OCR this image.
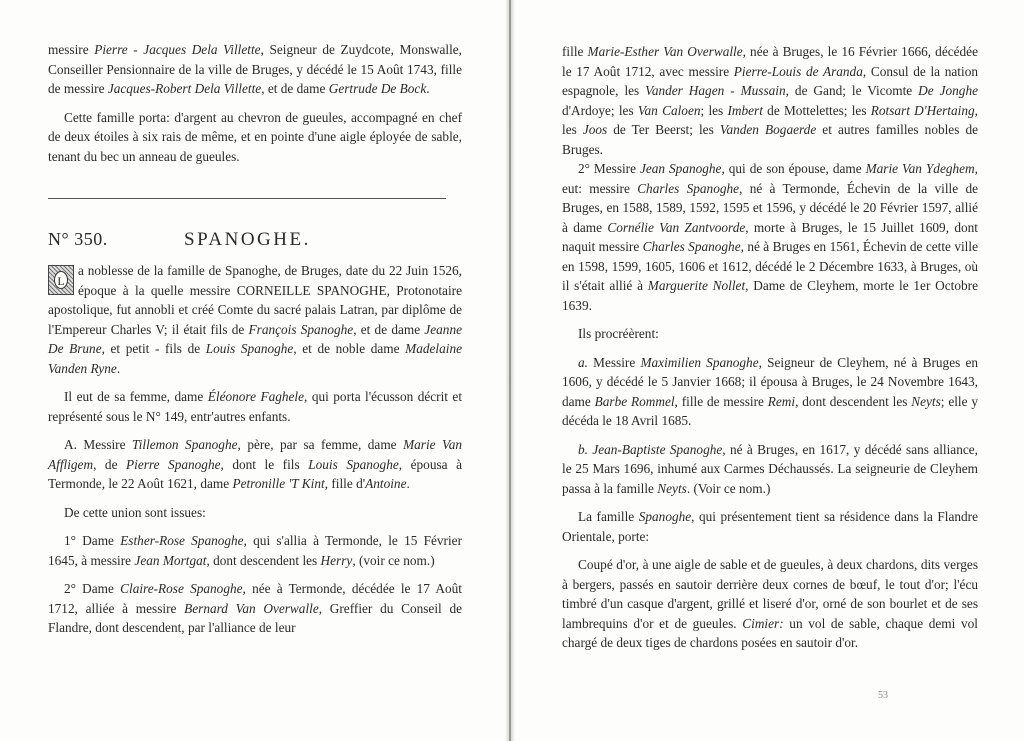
messire Pierre - Jacques Dela Villette, Seigneur de Zuydcote, Monswalle, Conseiller Pensionnaire de la ville de Bruges, y décédé le 15 Août 1743, fille de messire Jacques-Robert Dela Villette, et de dame Gertrude De Bock.

Cette famille porta: d'argent au chevron de gueules, accompagné en chef de deux étoiles à six rais de même, et en pointe d'une aigle éployée de sable, tenant du bec un anneau de gueules.

N° 350.	SPANOGHE.

L
a noblesse de la famille de Spanoghe, de Bruges, date du 22 Juin 1526, époque à la quelle messire CORNEILLE SPANOGHE, Protonotaire apostolique, fut annobli et créé Comte du sacré palais Latran, par diplôme de l'Empereur Charles V; il était fils de François Spanoghe, et de dame Jeanne De Brune, et petit - fils de Louis Spanoghe, et de noble dame Madelaine Vanden Ryne.

Il eut de sa femme, dame Éléonore Faghele, qui porta l'écusson décrit et représenté sous le N° 149, entr'autres enfants.

A. Messire Tillemon Spanoghe, père, par sa femme, dame Marie Van Affligem, de Pierre Spanoghe, dont le fils Louis Spanoghe, épousa à Termonde, le 22 Août 1621, dame Petronille 'T Kint, fille d'Antoine.

De cette union sont issues:

1° Dame Esther-Rose Spanoghe, qui s'allia à Termonde, le 15 Février 1645, à messire Jean Mortgat, dont descendent les Herry, (voir ce nom.)

2° Dame Claire-Rose Spanoghe, née à Termonde, décédée le 17 Août 1712, alliée à messire Bernard Van Overwalle, Greffier du Conseil de Flandre, dont descendent, par l'alliance de leur

fille Marie-Esther Van Overwalle, née à Bruges, le 16 Février 1666, décédée le 17 Août 1712, avec messire Pierre-Louis de Aranda, Consul de la nation espagnole, les Vander Hagen - Mussain, de Gand; le Vicomte De Jonghe d'Ardoye; les Van Caloen; les Imbert de Mottelettes; les Rotsart D'Hertaing, les Joos de Ter Beerst; les Vanden Bogaerde et autres familles nobles de Bruges.

2° Messire Jean Spanoghe, qui de son épouse, dame Marie Van Ydeghem, eut: messire Charles Spanoghe, né à Termonde, Échevin de la ville de Bruges, en 1588, 1589, 1592, 1595 et 1596, y décédé le 20 Février 1597, allié à dame Cornélie Van Zantvoorde, morte à Bruges, le 15 Juillet 1609, dont naquit messire Charles Spanoghe, né à Bruges en 1561, Échevin de cette ville en 1598, 1599, 1605, 1606 et 1612, décédé le 2 Décembre 1633, à Bruges, où il s'était allié à Marguerite Nollet, Dame de Cleyhem, morte le 1er Octobre 1639.

Ils procréèrent:

a. Messire Maximilien Spanoghe, Seigneur de Cleyhem, né à Bruges en 1606, y décédé le 5 Janvier 1668; il épousa à Bruges, le 24 Novembre 1643, dame Barbe Rommel, fille de messire Remi, dont descendent les Neyts; elle y décéda le 18 Avril 1685.

b. Jean-Baptiste Spanoghe, né à Bruges, en 1617, y décédé sans alliance, le 25 Mars 1696, inhumé aux Carmes Déchaussés. La seigneurie de Cleyhem passa à la famille Neyts. (Voir ce nom.)

La famille Spanoghe, qui présentement tient sa résidence dans la Flandre Orientale, porte:

Coupé d'or, à une aigle de sable et de gueules, à deux chardons, dits verges à bergers, passés en sautoir derrière deux cornes de bœuf, le tout d'or; l'écu timbré d'un casque d'argent, grillé et liseré d'or, orné de son bourlet et de ses lambrequins d'or et de gueules. Cimier: un vol de sable, chaque demi vol chargé de deux tiges de chardons posées en sautoir d'or.

53
